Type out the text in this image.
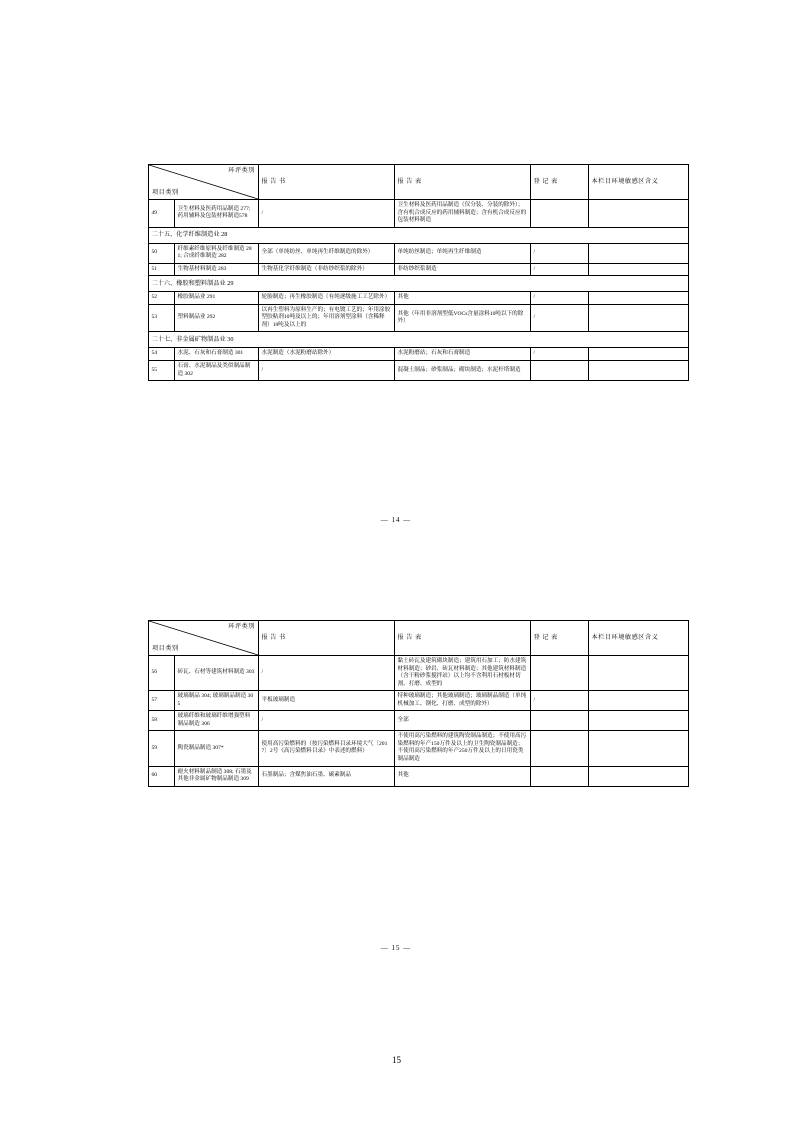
环评类别
项目类别		报 告 书	报 告 表	登 记 表	本栏目环境敏感区含义
49	卫生材料及医药用品制造 277; 药用辅料及包装材料制造578	/	卫生材料及医药用品制造（仅分装、分装的除外）；含有机合成反应的药用辅料制造；含有机合成反应的包装材料制造		
二十五、化学纤维制造业 28					
50	纤维素纤维原料及纤维制造 281; 合成纤维制造 282	全部（单纯纺丝、单纯再生纤维制造的除外）	单纯纺丝制造；单纯再生纤维制造	/	
51	生物基材料制造 283	生物基化学纤维制造（非纺纱织浆的除外）	非纺纱织浆制造	/	
二十六、橡胶和塑料制品业 29					
52	橡胶制品业 291	轮胎制造；再生橡胶制造（有纯逐级施工工艺除外）	其他	/	
53	塑料制品业 292	以再生塑料为原料生产的；有电镀工艺的；年用涂胶型胶粘剂10吨及以上的；年用溶剂型涂料（含稀释剂）10吨及以上的	其他（年用非溶剂型低VOCs含量涂料10吨以下的除外）	/	
二十七、非金属矿物制品业 30					
54	水泥、石灰和石膏制造 301	水泥制造（水泥粉磨站除外）	水泥粉磨站；石灰和石膏制造	/	
55	石膏、水泥制品及类似制品制造 302	/	混凝土制品；砂浆制品；砌块制造；水泥杆塔制造		
— 14 —
环评类别
项目类别		报 告 书	报 告 表	登 记 表	本栏目环境敏感区含义
56	砖瓦、石材等建筑材料制造 303	/	黏土砖瓦及建筑砌块制造；建筑用石加工；防水建筑材料制造；砂岩、砖瓦材料制造；其他建筑材料制造（含干粉砂浆搅拌站）以上均不含利用石材板材切割、打磨、成型的		
57	玻璃制品 304; 玻璃制品制造 305	平板玻璃制造	特种玻璃制造；其他玻璃制造；玻璃制品制造（单纯机械加工、钢化、打磨、成型的除外）	/	
58	玻璃纤维和玻璃纤维增强塑料制品制造 306	/	全部		
59	陶瓷制品制造 307*	使用高污染燃料的（按污染燃料目录环境大气〔2017〕2号《高污染燃料目录》中表述的燃料）	不使用高污染燃料的建筑陶瓷制品制造；不使用高污染燃料的年产150万件及以上的卫生陶瓷制品制造；不使用高污染燃料的年产250万件及以上的日用瓷类制品制造		
60	耐火材料制品制造 308; 石墨及其他非金属矿物制品制造 309	石墨制品；含煤焦油石墨、碳素制品	其他		
— 15 —
15
